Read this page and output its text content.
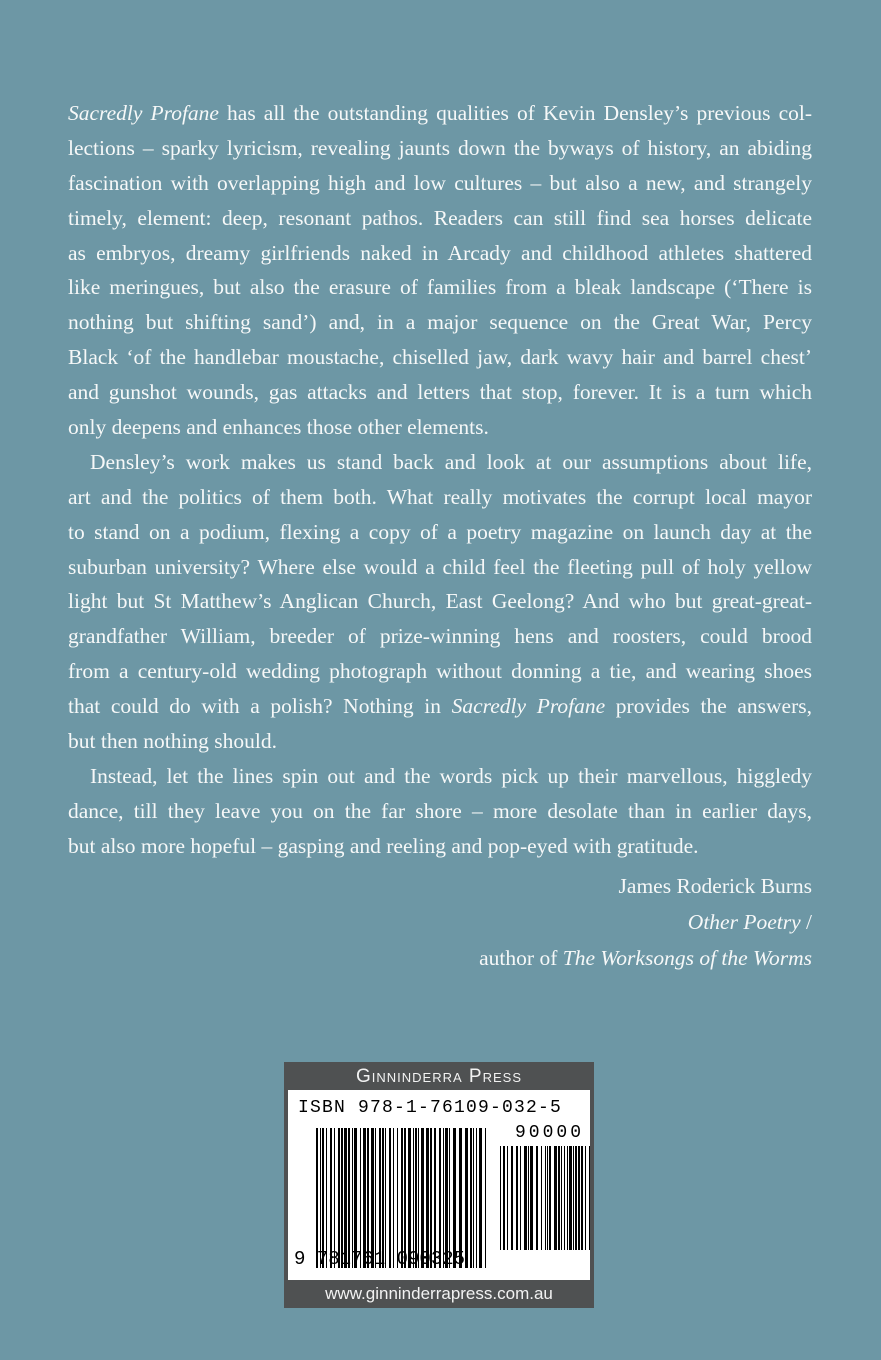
Sacredly Profane has all the outstanding qualities of Kevin Densley’s previous col-
lections – sparky lyricism, revealing jaunts down the byways of history, an abiding
fascination with overlapping high and low cultures – but also a new, and strangely
timely, element: deep, resonant pathos. Readers can still find sea horses delicate
as embryos, dreamy girlfriends naked in Arcady and childhood athletes shattered
like meringues, but also the erasure of families from a bleak landscape (‘There is
nothing but shifting sand’) and, in a major sequence on the Great War, Percy
Black ‘of the handlebar moustache, chiselled jaw, dark wavy hair and barrel chest’
and gunshot wounds, gas attacks and letters that stop, forever. It is a turn which
only deepens and enhances those other elements.
Densley’s work makes us stand back and look at our assumptions about life,
art and the politics of them both. What really motivates the corrupt local mayor
to stand on a podium, flexing a copy of a poetry magazine on launch day at the
suburban university? Where else would a child feel the fleeting pull of holy yellow
light but St Matthew’s Anglican Church, East Geelong? And who but great-great-
grandfather William, breeder of prize-winning hens and roosters, could brood
from a century-old wedding photograph without donning a tie, and wearing shoes
that could do with a polish? Nothing in Sacredly Profane provides the answers,
but then nothing should.
Instead, let the lines spin out and the words pick up their marvellous, higgledy
dance, till they leave you on the far shore – more desolate than in earlier days,
but also more hopeful – gasping and reeling and pop-eyed with gratitude.
James Roderick Burns
Other Poetry /
author of The Worksongs of the Worms
Ginninderra Press
ISBN 978-1-76109-032-5
90000
9 781761 090325
www.ginninderrapress.com.au
